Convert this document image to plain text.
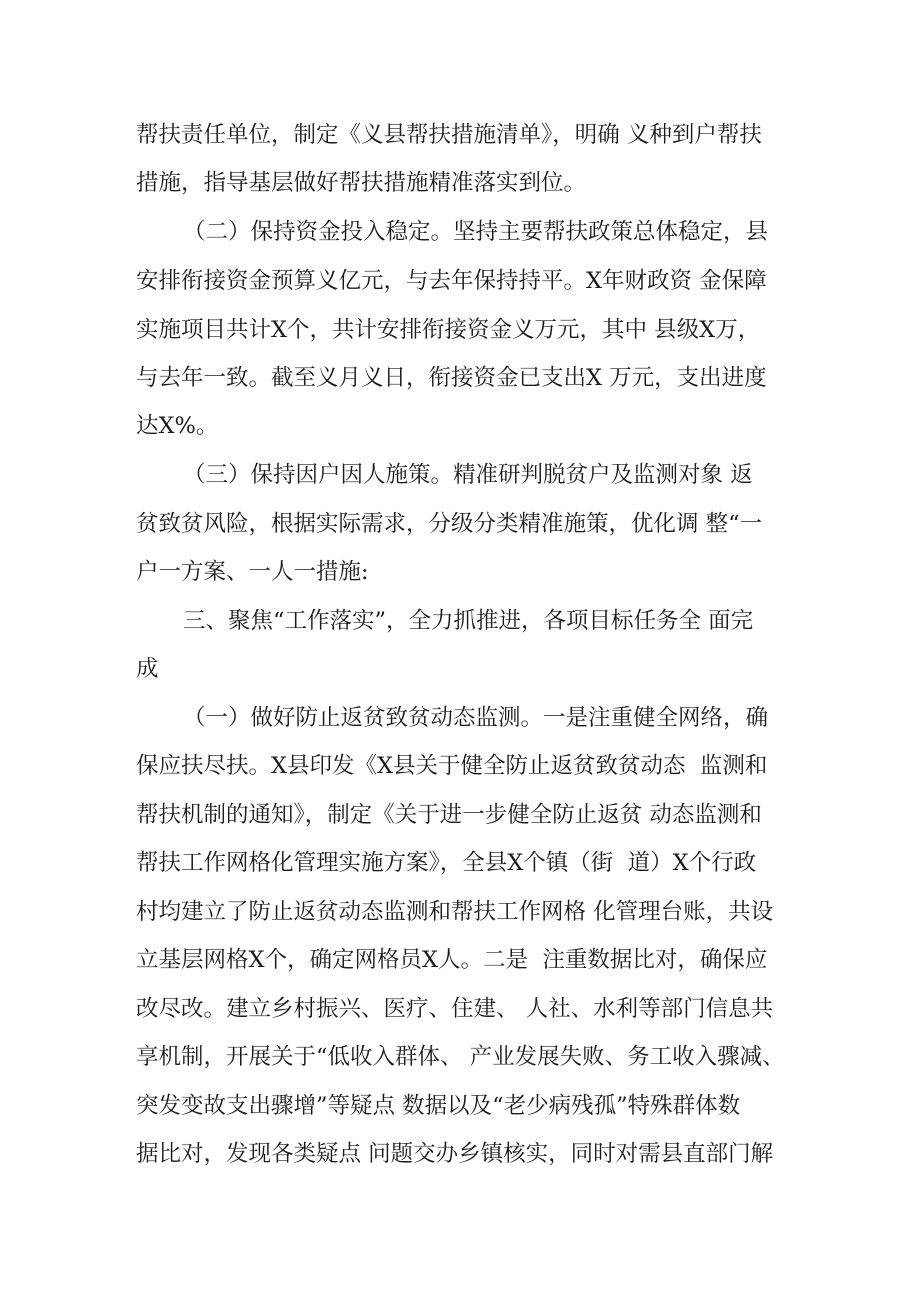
帮扶责任单位，制定《义县帮扶措施清单》，明确 义种到户帮扶
措施，指导基层做好帮扶措施精准落实到位。
（二）保持资金投入稳定。坚持主要帮扶政策总体稳定，县
安排衔接资金预算义亿元，与去年保持持平。X年财政资 金保障
实施项目共计X个，共计安排衔接资金义万元，其中 县级X万，
与去年一致。截至义月义日，衔接资金已支出X 万元，支出进度
达X%。
（三）保持因户因人施策。精准研判脱贫户及监测对象 返
贫致贫风险，根据实际需求，分级分类精准施策，优化调 整“一
户一方案、一人一措施:
三、聚焦“工作落实”，全力抓推进，各项目标任务全 面完
成
（一）做好防止返贫致贫动态监测。一是注重健全网络，确
保应扶尽扶。X县印发《X县关于健全防止返贫致贫动态  监测和
帮扶机制的通知》，制定《关于进一步健全防止返贫 动态监测和
帮扶工作网格化管理实施方案》，全县X个镇（街  道）X个行政
村均建立了防止返贫动态监测和帮扶工作网格 化管理台账，共设
立基层网格X个，确定网格员X人。二是  注重数据比对，确保应
改尽改。建立乡村振兴、医疗、住建、 人社、水利等部门信息共
享机制，开展关于“低收入群体、 产业发展失败、务工收入骤减、
突发变故支出骤增”等疑点 数据以及“老少病残孤”特殊群体数
据比对，发现各类疑点 问题交办乡镇核实，同时对需县直部门解
